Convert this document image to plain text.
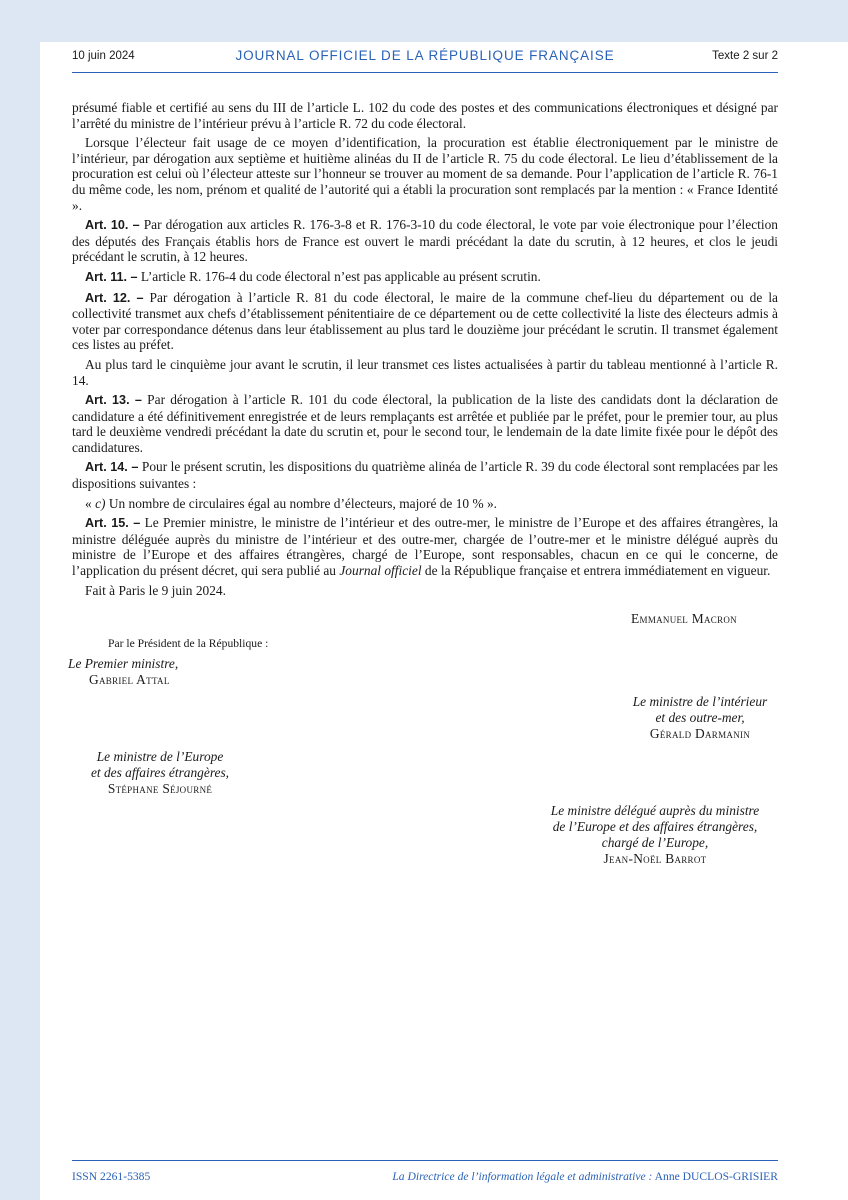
10 juin 2024	JOURNAL OFFICIEL DE LA RÉPUBLIQUE FRANÇAISE	Texte 2 sur 2

présumé fiable et certifié au sens du III de l’article L. 102 du code des postes et des communications électroniques et désigné par l’arrêté du ministre de l’intérieur prévu à l’article R. 72 du code électoral.

Lorsque l’électeur fait usage de ce moyen d’identification, la procuration est établie électroniquement par le ministre de l’intérieur, par dérogation aux septième et huitième alinéas du II de l’article R. 75 du code électoral. Le lieu d’établissement de la procuration est celui où l’électeur atteste sur l’honneur se trouver au moment de sa demande. Pour l’application de l’article R. 76-1 du même code, les nom, prénom et qualité de l’autorité qui a établi la procuration sont remplacés par la mention : « France Identité ».

Art. 10. – Par dérogation aux articles R. 176-3-8 et R. 176-3-10 du code électoral, le vote par voie électronique pour l’élection des députés des Français établis hors de France est ouvert le mardi précédant la date du scrutin, à 12 heures, et clos le jeudi précédant le scrutin, à 12 heures.

Art. 11. – L’article R. 176-4 du code électoral n’est pas applicable au présent scrutin.

Art. 12. – Par dérogation à l’article R. 81 du code électoral, le maire de la commune chef-lieu du département ou de la collectivité transmet aux chefs d’établissement pénitentiaire de ce département ou de cette collectivité la liste des électeurs admis à voter par correspondance détenus dans leur établissement au plus tard le douzième jour précédant le scrutin. Il transmet également ces listes au préfet.

Au plus tard le cinquième jour avant le scrutin, il leur transmet ces listes actualisées à partir du tableau mentionné à l’article R. 14.

Art. 13. – Par dérogation à l’article R. 101 du code électoral, la publication de la liste des candidats dont la déclaration de candidature a été définitivement enregistrée et de leurs remplaçants est arrêtée et publiée par le préfet, pour le premier tour, au plus tard le deuxième vendredi précédant la date du scrutin et, pour le second tour, le lendemain de la date limite fixée pour le dépôt des candidatures.

Art. 14. – Pour le présent scrutin, les dispositions du quatrième alinéa de l’article R. 39 du code électoral sont remplacées par les dispositions suivantes :

« c) Un nombre de circulaires égal au nombre d’électeurs, majoré de 10 % ».

Art. 15. – Le Premier ministre, le ministre de l’intérieur et des outre-mer, le ministre de l’Europe et des affaires étrangères, la ministre déléguée auprès du ministre de l’intérieur et des outre-mer, chargée de l’outre-mer et le ministre délégué auprès du ministre de l’Europe et des affaires étrangères, chargé de l’Europe, sont responsables, chacun en ce qui le concerne, de l’application du présent décret, qui sera publié au Journal officiel de la République française et entrera immédiatement en vigueur.

Fait à Paris le 9 juin 2024.

Emmanuel Macron
Par le Président de la République :
Le Premier ministre,
Gabriel Attal
Le ministre de l’intérieur
et des outre-mer,
Gérald Darmanin
Le ministre de l’Europe
et des affaires étrangères,
Stéphane Séjourné
Le ministre délégué auprès du ministre
de l’Europe et des affaires étrangères,
chargé de l’Europe,
Jean-Noël Barrot
ISSN 2261-5385	La Directrice de l’information légale et administrative : Anne DUCLOS-GRISIER
